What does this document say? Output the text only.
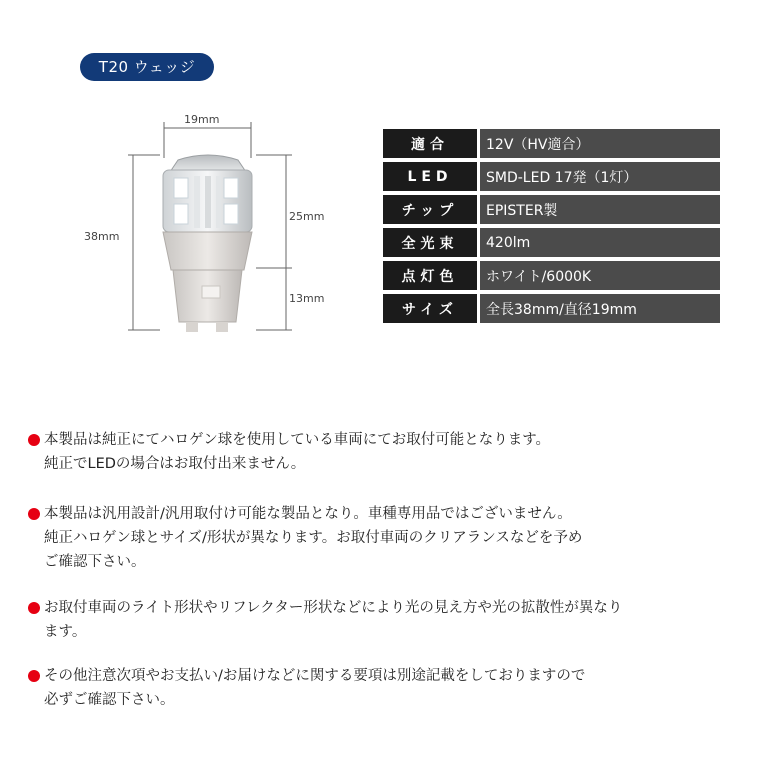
T20 ウェッジ
19mm
38mm
25mm
13mm
適合		12V（HV適合）
LED		SMD-LED 17発（1灯）
チップ		EPISTER製
全光束		420lm
点灯色		ホワイト/6000K
サイズ		全長38mm/直径19mm

本製品は純正にてハロゲン球を使用している車両にてお取付可能となります。

純正でLEDの場合はお取付出来ません。

本製品は汎用設計/汎用取付け可能な製品となり。車種専用品ではございません。

純正ハロゲン球とサイズ/形状が異なります。お取付車両のクリアランスなどを予め

ご確認下さい。

お取付車両のライト形状やリフレクター形状などにより光の見え方や光の拡散性が異なり

ます。

その他注意次項やお支払い/お届けなどに関する要項は別途記載をしておりますので

必ずご確認下さい。
